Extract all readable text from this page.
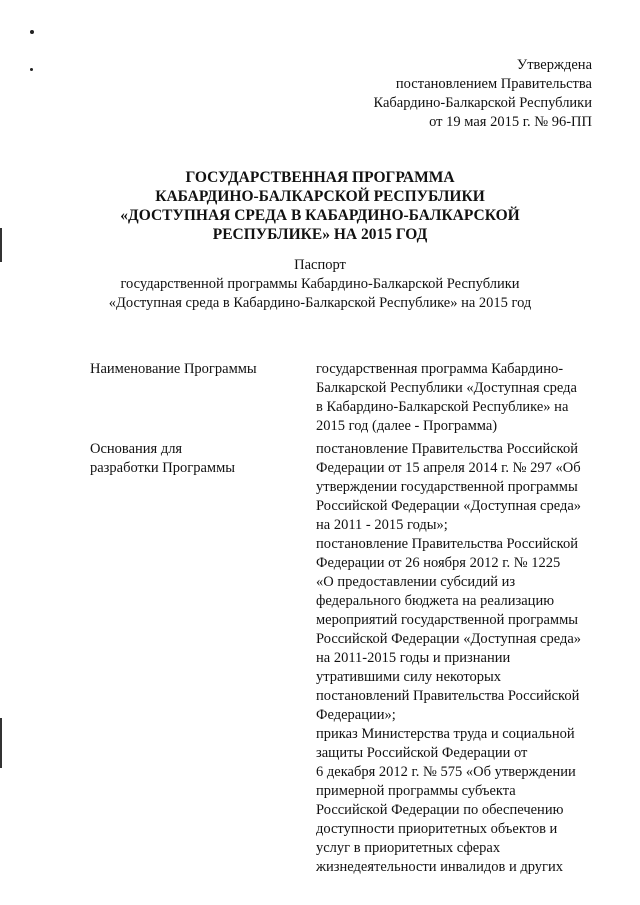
Утверждена
постановлением Правительства
Кабардино-Балкарской Республики
от 19 мая 2015 г. № 96-ПП
ГОСУДАРСТВЕННАЯ ПРОГРАММА
КАБАРДИНО-БАЛКАРСКОЙ РЕСПУБЛИКИ
«ДОСТУПНАЯ СРЕДА В КАБАРДИНО-БАЛКАРСКОЙ
РЕСПУБЛИКЕ» НА 2015 ГОД
Паспорт
государственной программы Кабардино-Балкарской Республики
«Доступная среда в Кабардино-Балкарской Республике» на 2015 год
Наименование Программы	государственная программа Кабардино-
Балкарской Республики «Доступная среда
в Кабардино-Балкарской Республике» на
2015 год (далее - Программа)
Основания для
разработки Программы
постановление Правительства Российской
Федерации от 15 апреля 2014 г. № 297 «Об
утверждении государственной программы
Российской Федерации «Доступная среда»
на 2011 - 2015 годы»;
постановление Правительства Российской
Федерации от 26 ноября 2012 г. № 1225
«О предоставлении субсидий из
федерального бюджета на реализацию
мероприятий государственной программы
Российской Федерации «Доступная среда»
на 2011-2015 годы и признании
утратившими силу некоторых
постановлений Правительства Российской
Федерации»;
приказ Министерства труда и социальной
защиты Российской Федерации от
6 декабря 2012 г. № 575 «Об утверждении
примерной программы субъекта
Российской Федерации по обеспечению
доступности приоритетных объектов и
услуг в приоритетных сферах
жизнедеятельности инвалидов и других
